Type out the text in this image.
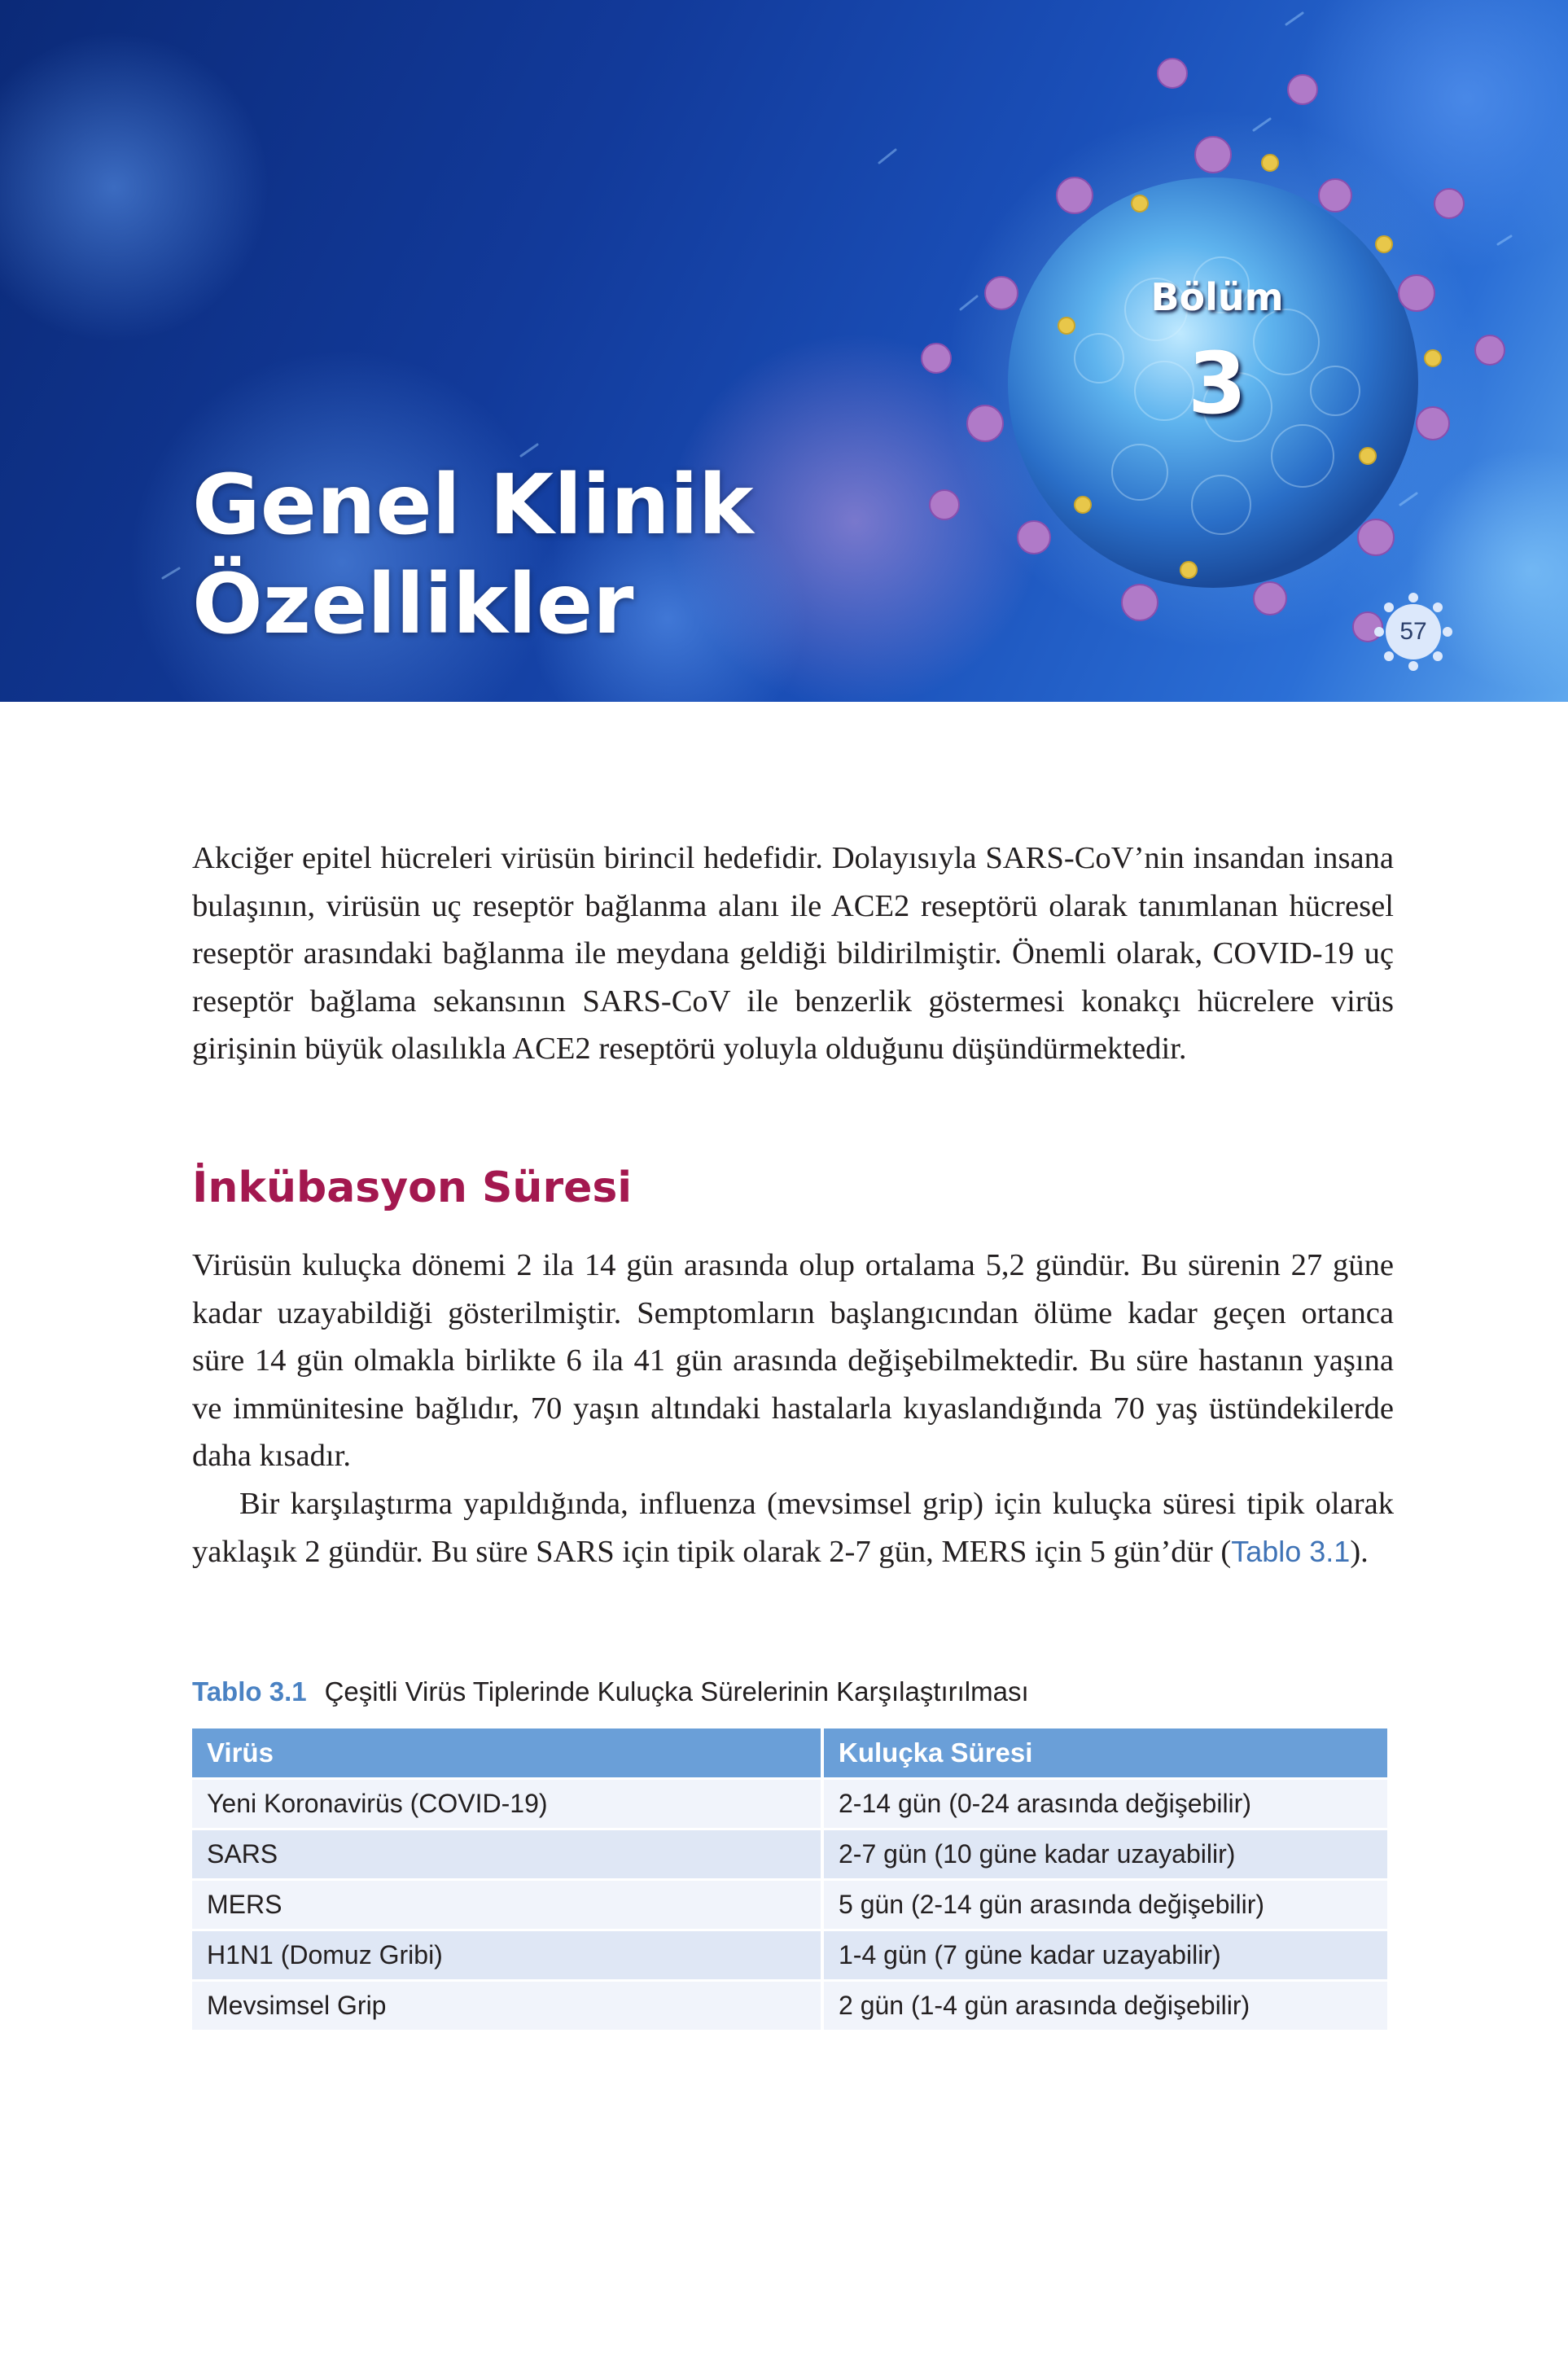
Genel Klinik
Özellikler
Bölüm
3
57

Akciğer epitel hücreleri virüsün birincil hedefidir. Dolayısıyla SARS-CoV’nin insandan insana bulaşının, virüsün uç reseptör bağlanma alanı ile ACE2 reseptörü olarak tanımlanan hücresel reseptör arasındaki bağlanma ile meydana geldiği bildirilmiştir. Önemli olarak, COVID-19 uç reseptör bağlama sekansının SARS-CoV ile benzerlik göstermesi konakçı hücrelere virüs girişinin büyük olasılıkla ACE2 reseptörü yoluyla olduğunu düşündürmektedir.

İnkübasyon Süresi

Virüsün kuluçka dönemi 2 ila 14 gün arasında olup ortalama 5,2 gündür. Bu sürenin 27 güne kadar uzayabildiği gösterilmiştir. Semptomların başlangıcından ölüme kadar geçen ortanca süre 14 gün olmakla birlikte 6 ila 41 gün arasında değişebilmektedir. Bu süre hastanın yaşına ve immünitesine bağlıdır, 70 yaşın altındaki hastalarla kıyaslandığında 70 yaş üstündekilerde daha kısadır.

Bir karşılaştırma yapıldığında, influenza (mevsimsel grip) için kuluçka süresi tipik olarak yaklaşık 2 gündür. Bu süre SARS için tipik olarak 2-7 gün, MERS için 5 gün’dür (Tablo 3.1).

Tablo 3.1 Çeşitli Virüs Tiplerinde Kuluçka Sürelerinin Karşılaştırılması
Virüs	Kuluçka Süresi
Yeni Koronavirüs (COVID-19)	2-14 gün (0-24 arasında değişebilir)
SARS	2-7 gün (10 güne kadar uzayabilir)
MERS	5 gün (2-14 gün arasında değişebilir)
H1N1 (Domuz Gribi)	1-4 gün (7 güne kadar uzayabilir)
Mevsimsel Grip	2 gün (1-4 gün arasında değişebilir)
